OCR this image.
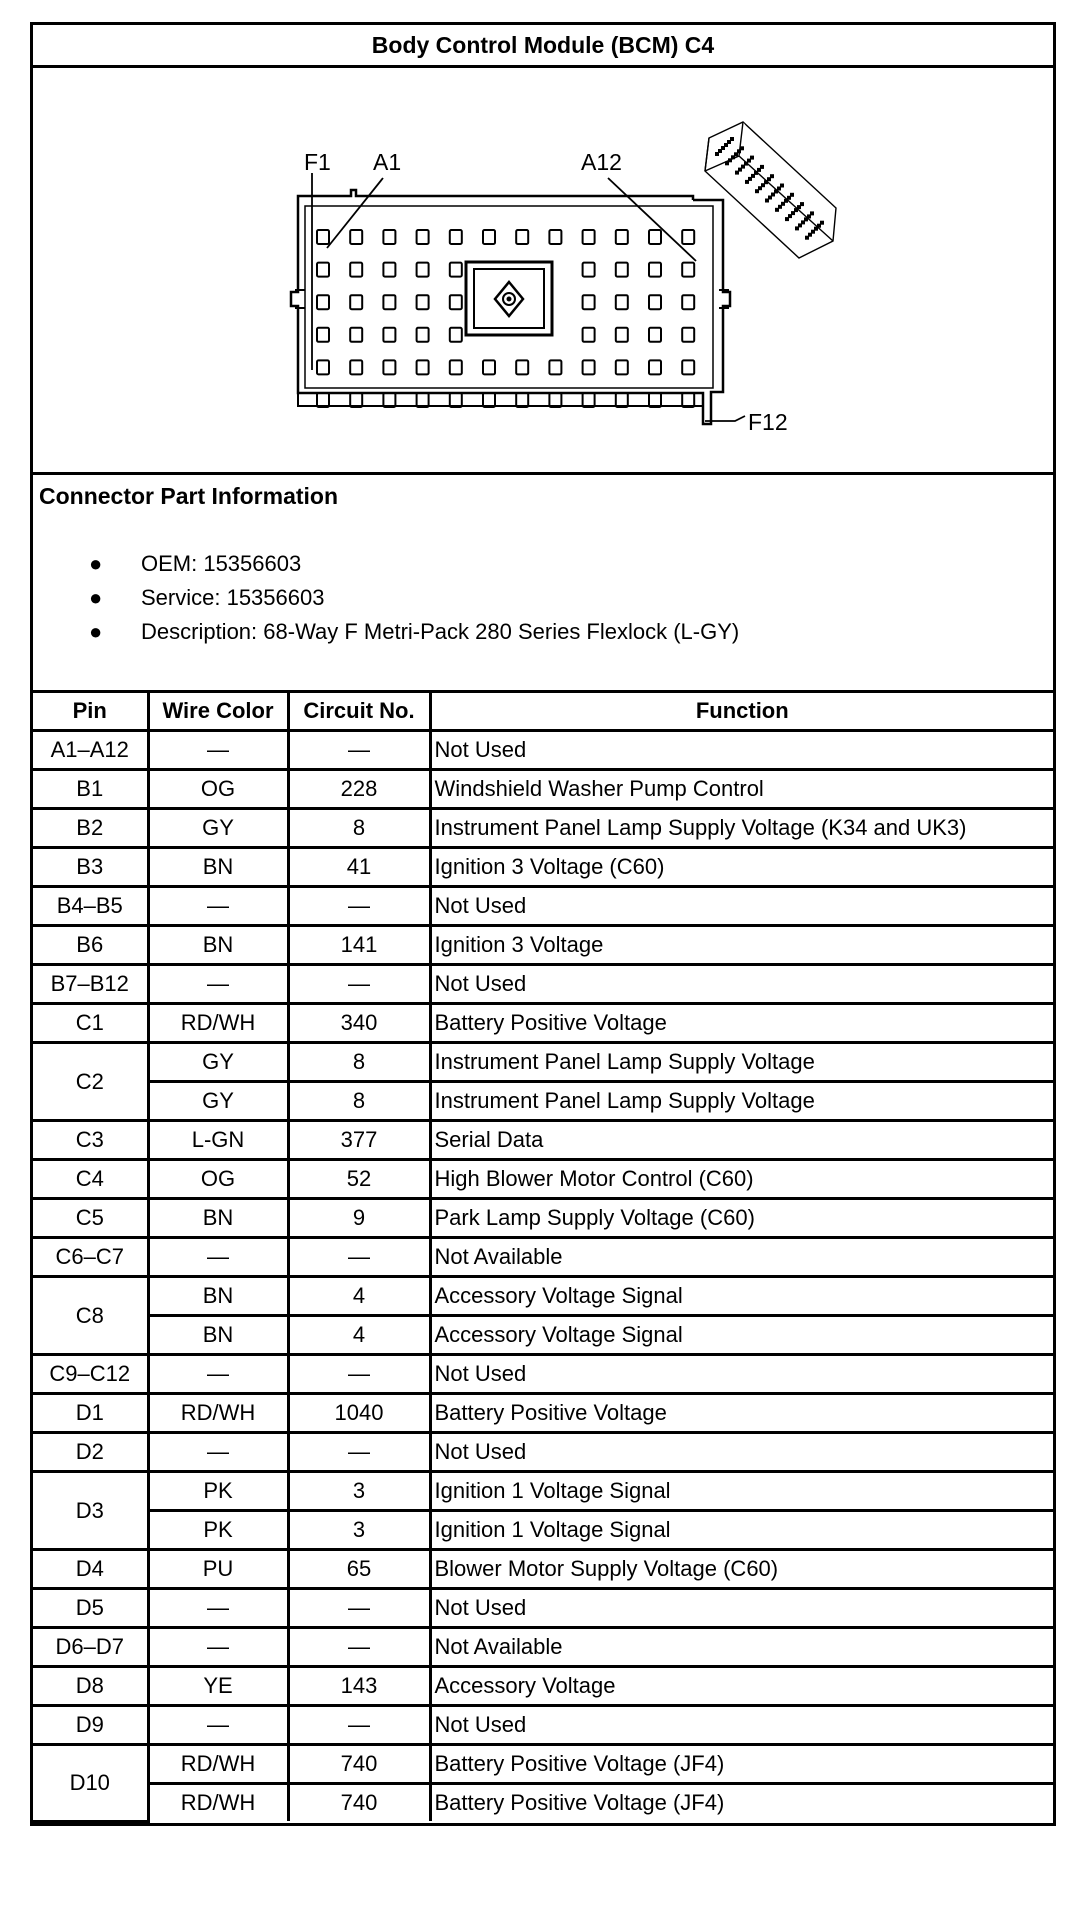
Body Control Module (BCM) C4
F1 A1	A12
F12
Connector Part Information
● OEM: 15356603
● Service: 15356603
● Description: 68-Way F Metri-Pack 280 Series Flexlock (L-GY)
Pin	Wire Color	Circuit No.	Function
A1–A12	—	—	Not Used
B1	OG	228	Windshield Washer Pump Control
B2	GY	8	Instrument Panel Lamp Supply Voltage (K34 and UK3)
B3	BN	41	Ignition 3 Voltage (C60)
B4–B5	—	—	Not Used
B6	BN	141	Ignition 3 Voltage
B7–B12	—	—	Not Used
C1	RD/WH	340	Battery Positive Voltage
C2	GY	8	Instrument Panel Lamp Supply Voltage
	GY	8	Instrument Panel Lamp Supply Voltage
C3	L-GN	377	Serial Data
C4	OG	52	High Blower Motor Control (C60)
C5	BN	9	Park Lamp Supply Voltage (C60)
C6–C7	—	—	Not Available
C8	BN	4	Accessory Voltage Signal
	BN	4	Accessory Voltage Signal
C9–C12	—	—	Not Used
D1	RD/WH	1040	Battery Positive Voltage
D2	—	—	Not Used
D3	PK	3	Ignition 1 Voltage Signal
	PK	3	Ignition 1 Voltage Signal
D4	PU	65	Blower Motor Supply Voltage (C60)
D5	—	—	Not Used
D6–D7	—	—	Not Available
D8	YE	143	Accessory Voltage
D9	—	—	Not Used
D10	RD/WH	740	Battery Positive Voltage (JF4)
	RD/WH	740	Battery Positive Voltage (JF4)
